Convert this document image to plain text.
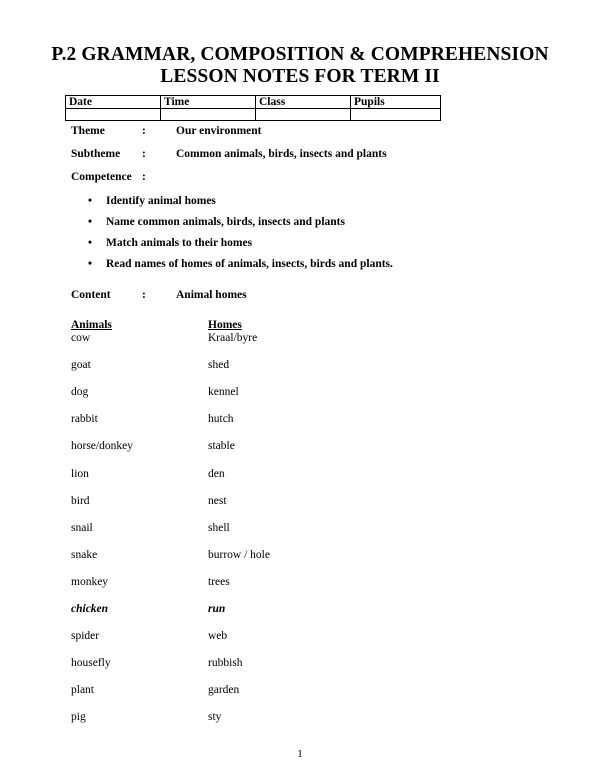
P.2 GRAMMAR, COMPOSITION & COMPREHENSION
LESSON NOTES FOR TERM II
Date	Time	Class	Pupils

Theme	:	Our environment
Subtheme :	Common animals, birds, insects and plants
Competence :
• Identify animal homes
• Name common animals, birds, insects and plants
• Match animals to their homes
• Read names of homes of animals, insects, birds and plants.
Content	:	Animal homes
Animals	Homes
cow	Kraal/byre
goat	shed
dog	kennel
rabbit	hutch
horse/donkey	stable
lion	den
bird	nest
snail	shell
snake	burrow / hole
monkey	trees
chicken	run
spider	web
housefly	rubbish
plant	garden
pig	sty
1
